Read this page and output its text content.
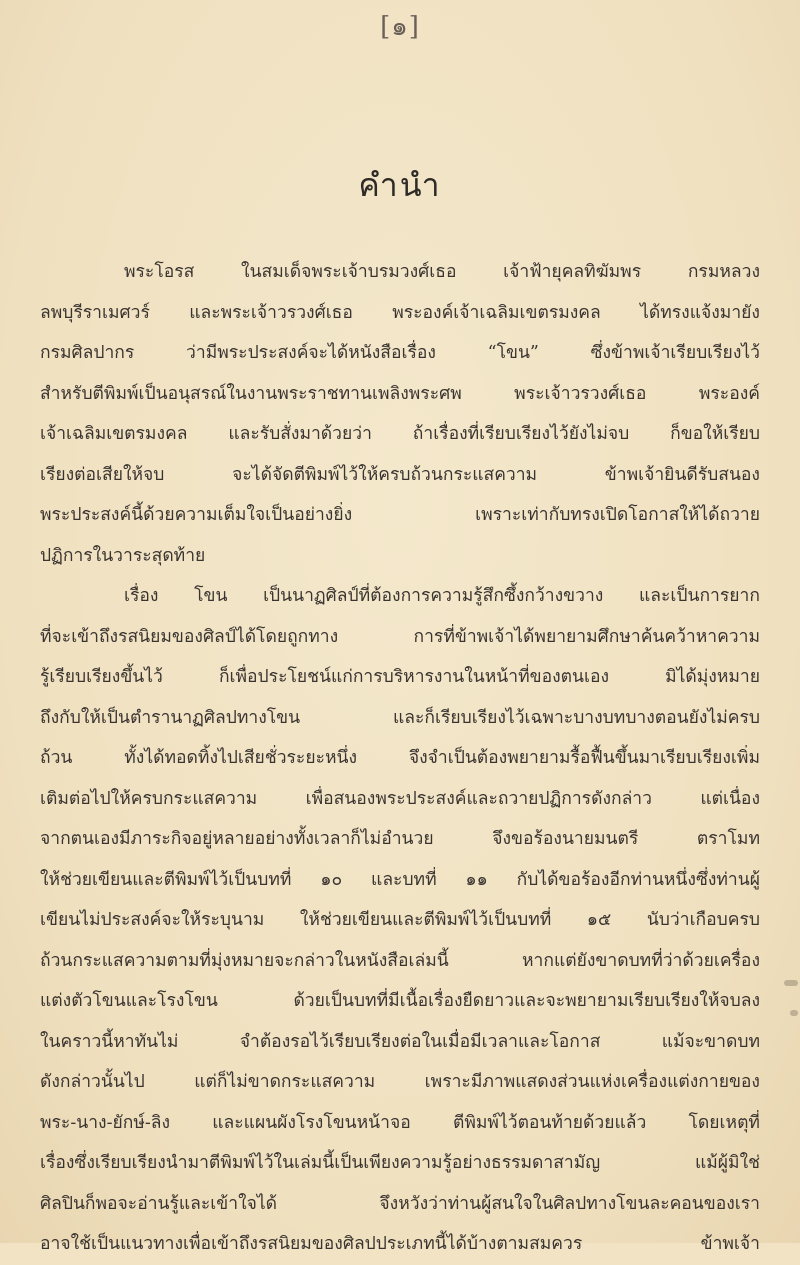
[๑]
คำนำ
พระโอรส	ในสมเด็จพระเจ้าบรมวงศ์เธอ	เจ้าฟ้ายุคลทิฆัมพร	กรมหลวง
ลพบุรีราเมศวร์ และพระเจ้าวรวงศ์เธอ พระองค์เจ้าเฉลิมเขตรมงคล ได้ทรงแจ้งมายัง
กรมศิลปากร	ว่ามีพระประสงค์จะได้หนังสือเรื่อง	“โขน”	ซึ่งข้าพเจ้าเรียบเรียงไว้
สำหรับตีพิมพ์เป็นอนุสรณ์ในงานพระราชทานเพลิงพระศพ	พระเจ้าวรวงศ์เธอ	พระองค์
เจ้าเฉลิมเขตรมงคล และรับสั่งมาด้วยว่า ถ้าเรื่องที่เรียบเรียงไว้ยังไม่จบ ก็ขอให้เรียบ
เรียงต่อเสียให้จบ	จะได้จัดตีพิมพ์ไว้ให้ครบถ้วนกระแสความ	ข้าพเจ้ายินดีรับสนอง
พระประสงค์นี้ด้วยความเต็มใจเป็นอย่างยิ่ง	เพราะเท่ากับทรงเปิดโอกาสให้ได้ถวาย
ปฏิการในวาระสุดท้าย
เรื่อง โขน เป็นนาฏศิลป์ที่ต้องการความรู้สึกซึ้งกว้างขวาง และเป็นการยาก
ที่จะเข้าถึงรสนิยมของศิลป์ได้โดยถูกทาง	การที่ข้าพเจ้าได้พยายามศึกษาค้นคว้าหาความ
รู้เรียบเรียงขึ้นไว้	ก็เพื่อประโยชน์แก่การบริหารงานในหน้าที่ของตนเอง	มิได้มุ่งหมาย
ถึงกับให้เป็นตำรานาฏศิลปทางโขน	และก็เรียบเรียงไว้เฉพาะบางบทบางตอนยังไม่ครบ
ถ้วน	ทั้งได้ทอดทิ้งไปเสียชั่วระยะหนึ่ง	จึงจำเป็นต้องพยายามรื้อฟื้นขึ้นมาเรียบเรียงเพิ่ม
เติมต่อไปให้ครบกระแสความ	เพื่อสนองพระประสงค์และถวายปฏิการดังกล่าว	แต่เนื่อง
จากตนเองมีภาระกิจอยู่หลายอย่างทั้งเวลาก็ไม่อำนวย	จึงขอร้องนายมนตรี	ตราโมท
ให้ช่วยเขียนและตีพิมพ์ไว้เป็นบทที่ ๑๐ และบทที่ ๑๑ กับได้ขอร้องอีกท่านหนึ่งซึ่งท่านผู้
เขียนไม่ประสงค์จะให้ระบุนาม ให้ช่วยเขียนและตีพิมพ์ไว้เป็นบทที่ ๑๕ นับว่าเกือบครบ
ถ้วนกระแสความตามที่มุ่งหมายจะกล่าวในหนังสือเล่มนี้	หากแต่ยังขาดบทที่ว่าด้วยเครื่อง
แต่งตัวโขนและโรงโขน	ด้วยเป็นบทที่มีเนื้อเรื่องยืดยาวและจะพยายามเรียบเรียงให้จบลง
ในคราวนี้หาทันไม่	จำต้องรอไว้เรียบเรียงต่อในเมื่อมีเวลาและโอกาส	แม้จะขาดบท
ดังกล่าวนั้นไป	แต่ก็ไม่ขาดกระแสความ	เพราะมีภาพแสดงส่วนแห่งเครื่องแต่งกายของ
พระ-นาง-ยักษ์-ลิง และแผนผังโรงโขนหน้าจอ ตีพิมพ์ไว้ตอนท้ายด้วยแล้ว โดยเหตุที่
เรื่องซึ่งเรียบเรียงนำมาตีพิมพ์ไว้ในเล่มนี้เป็นเพียงความรู้อย่างธรรมดาสามัญ	แม้ผู้มิใช่
ศิลปินก็พอจะอ่านรู้และเข้าใจได้	จึงหวังว่าท่านผู้สนใจในศิลปทางโขนละคอนของเรา
อาจใช้เป็นแนวทางเพื่อเข้าถึงรสนิยมของศิลปประเภทนี้ได้บ้างตามสมควร	ข้าพเจ้า
